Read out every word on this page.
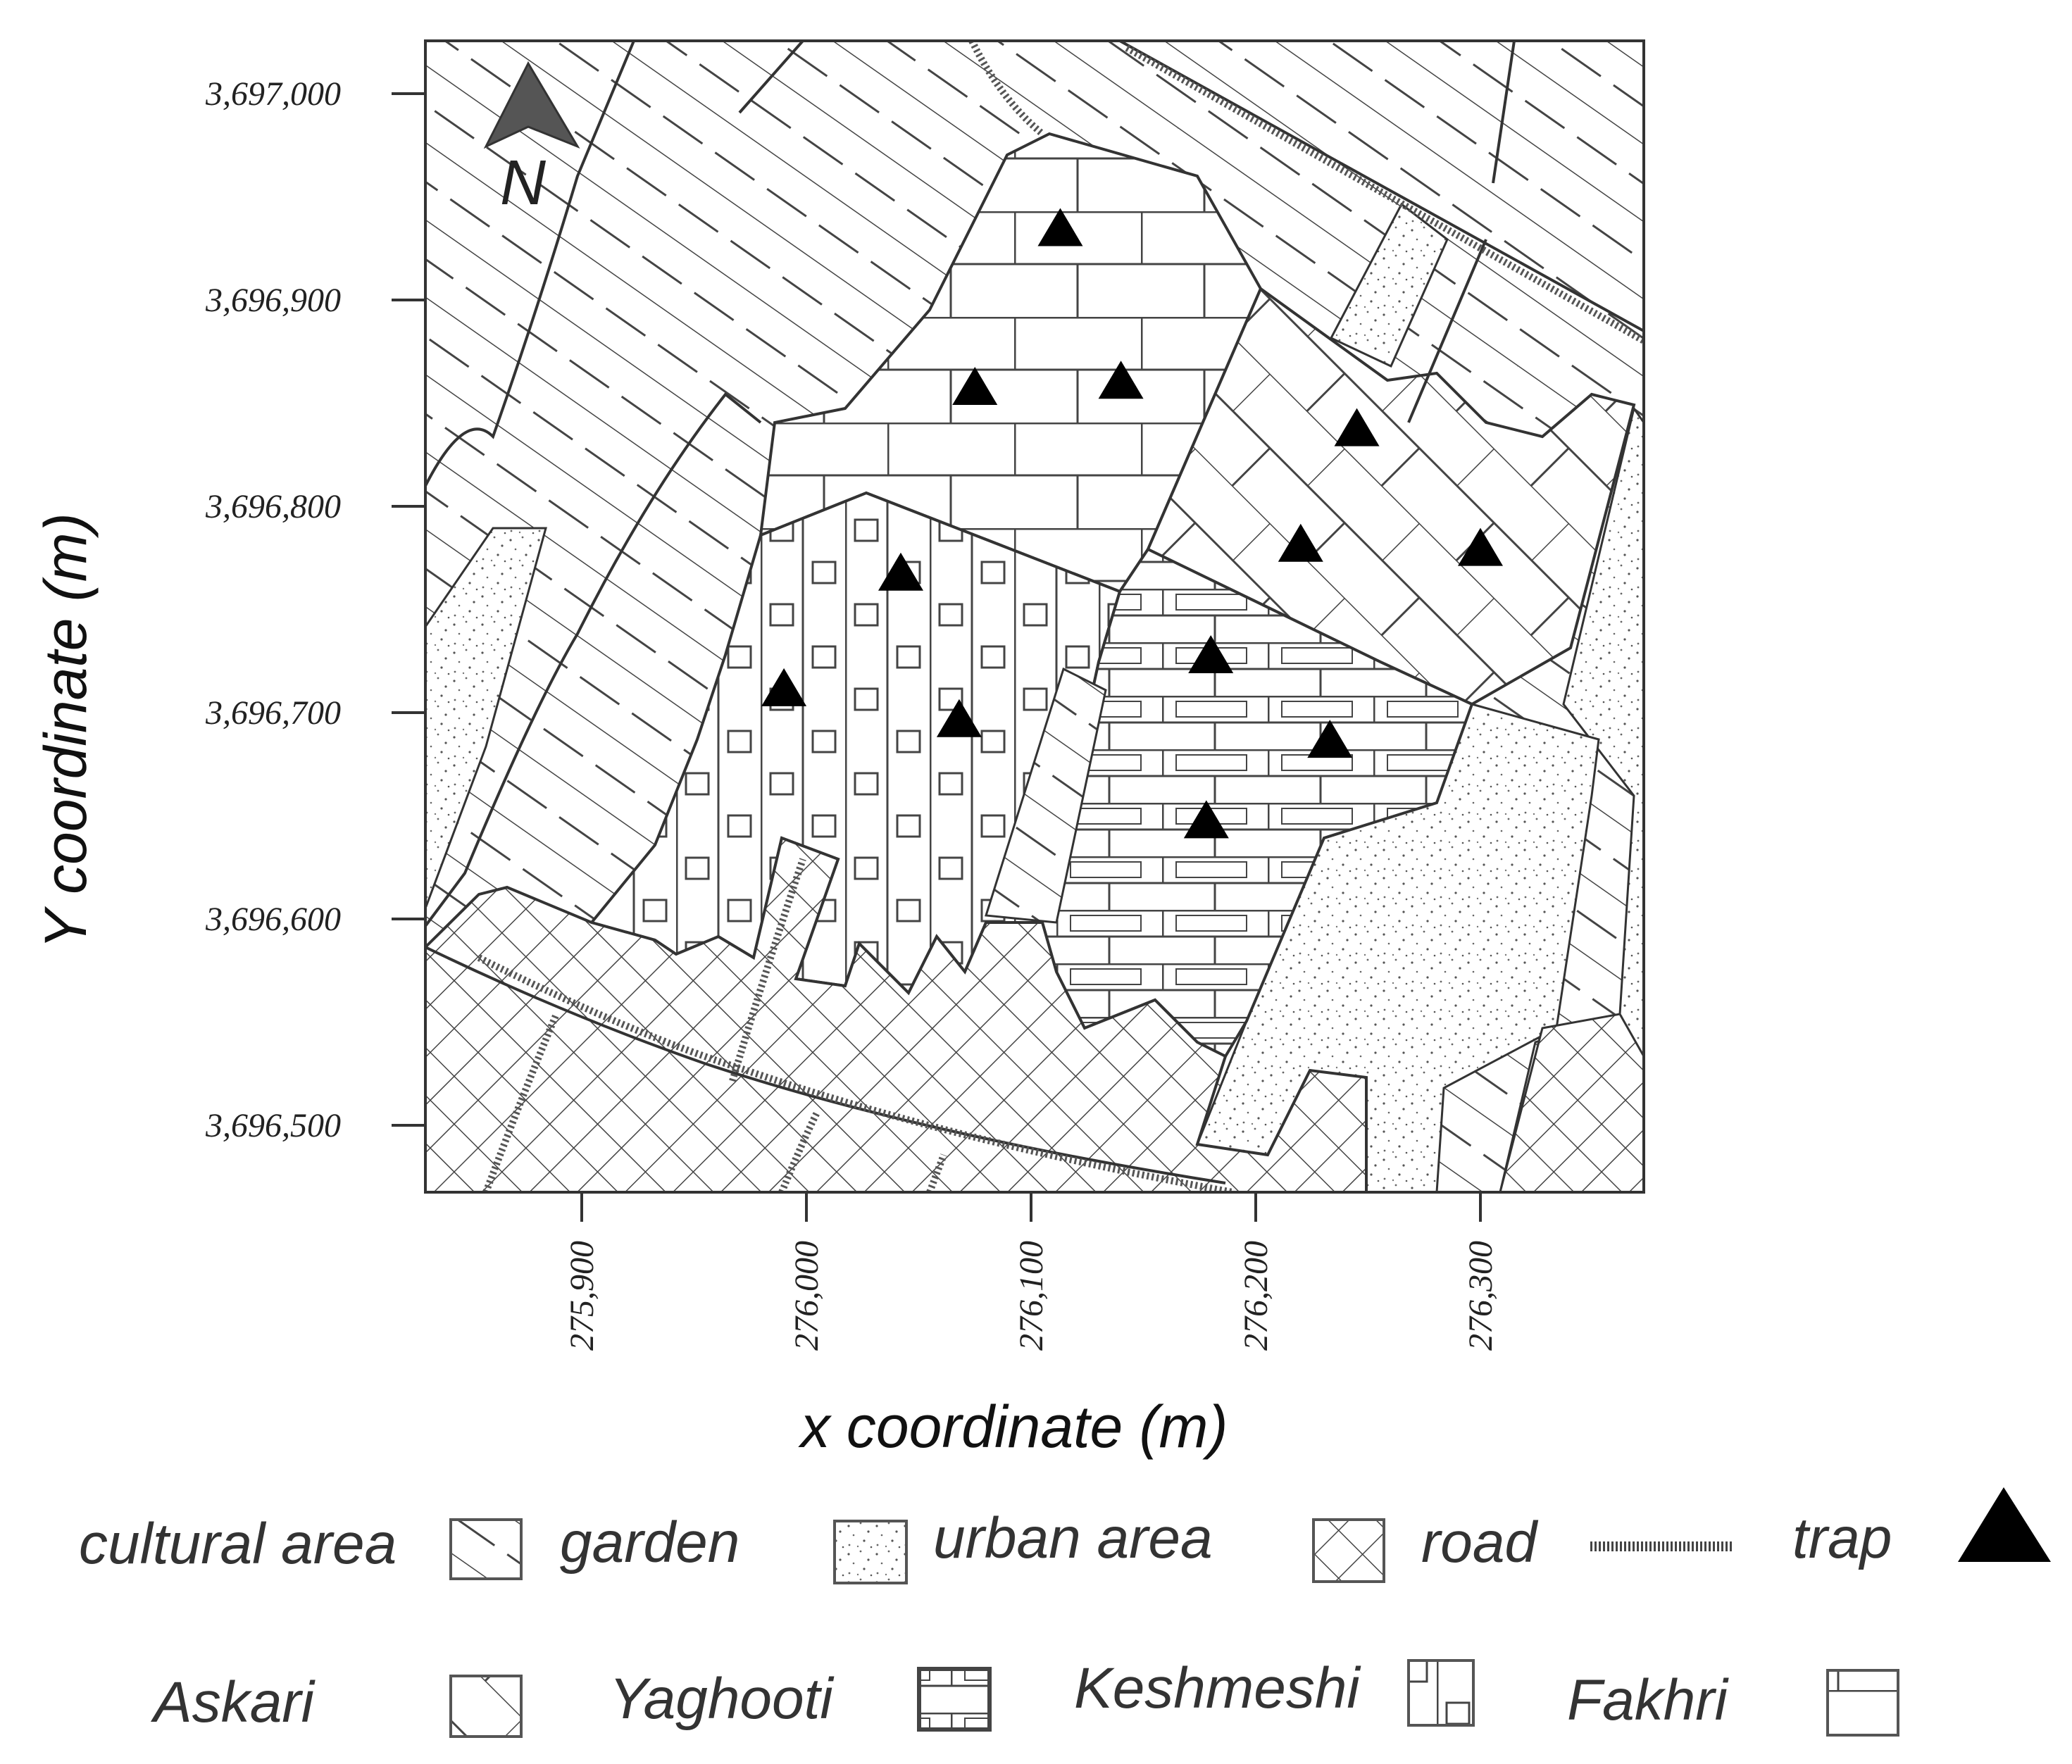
N
3,697,000
3,696,900
3,696,800
3,696,700
3,696,600
3,696,500
275,900	276,000	276,100	276,200	276,300
Y coordinate (m)
x coordinate (m)
cultural area	garden	urban area	road	trap
Askari	Yaghooti	Keshmeshi	Fakhri
